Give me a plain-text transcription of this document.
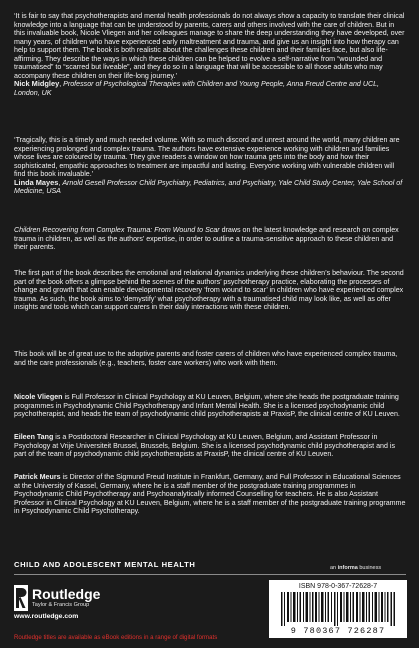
‘It is fair to say that psychotherapists and mental health professionals do not always show a capacity to translate their clinical knowledge into a language that can be understood by parents, carers and others involved with the care of children. But in this invaluable book, Nicole Vliegen and her colleagues manage to share the deep understanding they have developed, over many years, of children who have experienced early maltreatment and trauma, and give us an insight into how therapy can help to support them. The book is both realistic about the challenges these children and their families face, but also life-affirming. They describe the ways in which these children can be helped to evolve a self-narrative from “wounded and traumatised” to “scarred but liveable”, and they do so in a language that will be accessible to all those adults who may accompany these children on their life-long journey.’
Nick Midgley, Professor of Psychological Therapies with Children and Young People, Anna Freud Centre and UCL, London, UK

‘Tragically, this is a timely and much needed volume. With so much discord and unrest around the world, many children are experiencing prolonged and complex trauma. The authors have extensive experience working with children and families whose lives are coloured by trauma. They give readers a window on how trauma gets into the body and how their sophisticated, empathic approaches to treatment are impactful and lasting. Everyone working with vulnerable children will find this book invaluable.’
Linda Mayes, Arnold Gesell Professor Child Psychiatry, Pediatrics, and Psychiatry, Yale Child Study Center, Yale School of Medicine, USA

Children Recovering from Complex Trauma: From Wound to Scar draws on the latest knowledge and research on complex trauma in children, as well as the authors’ expertise, in order to outline a trauma-sensitive approach to these children and their parents.

The first part of the book describes the emotional and relational dynamics underlying these children’s behaviour. The second part of the book offers a glimpse behind the scenes of the authors’ psychotherapy practice, elaborating the processes of change and growth that can enable developmental recovery ‘from wound to scar’ in children who have experienced complex trauma. As such, the book aims to ‘demystify’ what psychotherapy with a traumatised child may look like, as well as offer insights and tools which can support carers in their daily interactions with these children.

This book will be of great use to the adoptive parents and foster carers of children who have experienced complex trauma, and the care professionals (e.g., teachers, foster care workers) who work with them.

Nicole Vliegen is Full Professor in Clinical Psychology at KU Leuven, Belgium, where she heads the postgraduate training programmes in Psychodynamic Child Psychotherapy and Infant Mental Health. She is a licensed psychodynamic child psychotherapist, and heads the team of psychodynamic child psychotherapists at PraxisP, the clinical centre of KU Leuven.

Eileen Tang is a Postdoctoral Researcher in Clinical Psychology at KU Leuven, Belgium, and Assistant Professor in Psychology at Vrije Universiteit Brussel, Brussels, Belgium. She is a licensed psychodynamic child psychotherapist and is part of the team of psychodynamic child psychotherapists at PraxisP, the clinical centre of KU Leuven.

Patrick Meurs is Director of the Sigmund Freud Institute in Frankfurt, Germany, and Full Professor in Educational Sciences at the University of Kassel, Germany, where he is a staff member of the postgraduate training programmes in Psychodynamic Child Psychotherapy and Psychoanalytically informed Counselling for teachers. He is also Assistant Professor in Clinical Psychology at KU Leuven, Belgium, where he is a staff member of the postgraduate training programme in Psychodynamic Child Psychotherapy.

CHILD AND ADOLESCENT MENTAL HEALTH	an informa business
Routledge
Taylor & Francis Group
www.routledge.com
Routledge titles are available as eBook editions in a range of digital formats
ISBN 978-0-367-72628-7
9 780367 726287
